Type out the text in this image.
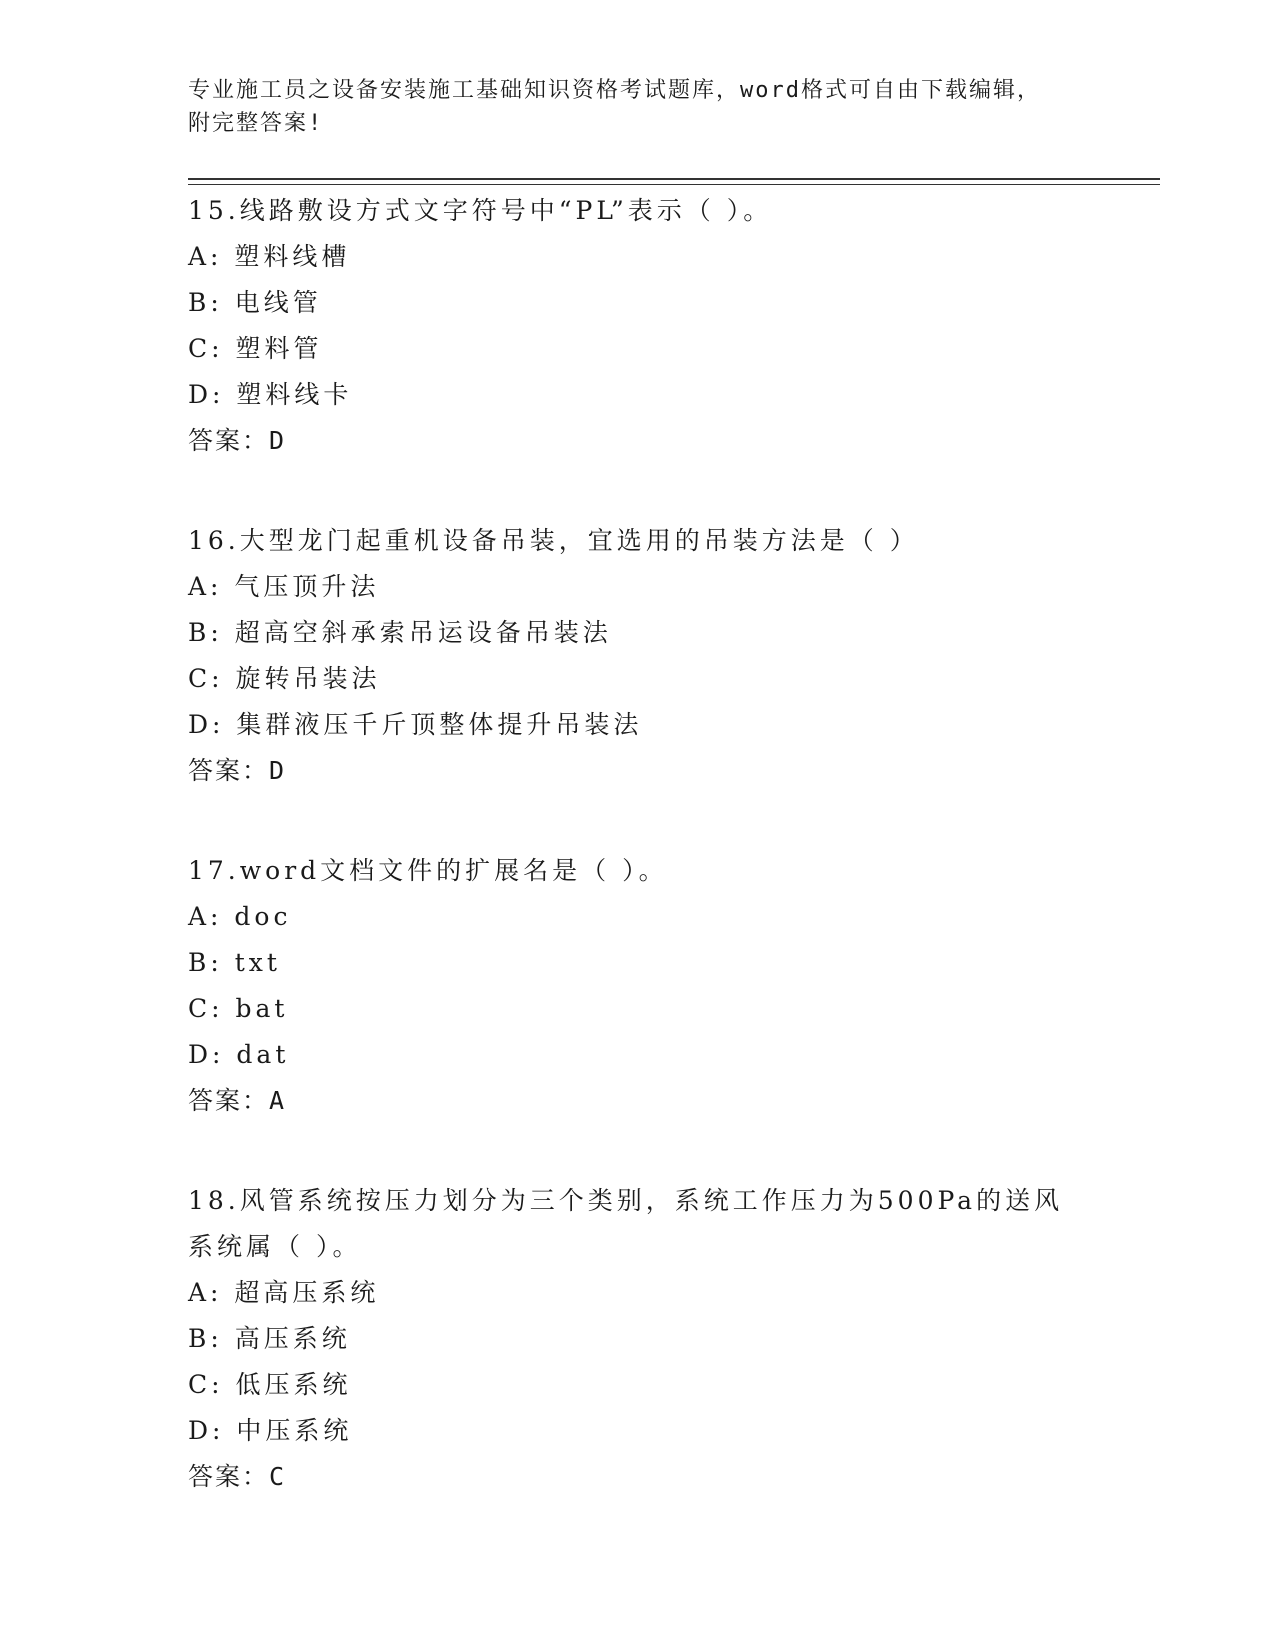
专业施工员之设备安装施工基础知识资格考试题库，word格式可自由下载编辑，
附完整答案!
15.线路敷设方式文字符号中“PL”表示（ ）。
A: 塑料线槽
B: 电线管
C: 塑料管
D: 塑料线卡
答案：D
16.大型龙门起重机设备吊装，宜选用的吊装方法是（ ）
A: 气压顶升法
B: 超高空斜承索吊运设备吊装法
C: 旋转吊装法
D: 集群液压千斤顶整体提升吊装法
答案：D
17.word文档文件的扩展名是（ ）。
A: doc
B: txt
C: bat
D: dat
答案：A
18.风管系统按压力划分为三个类别，系统工作压力为500Pa的送风系统属（ ）。
A: 超高压系统
B: 高压系统
C: 低压系统
D: 中压系统
答案：C
